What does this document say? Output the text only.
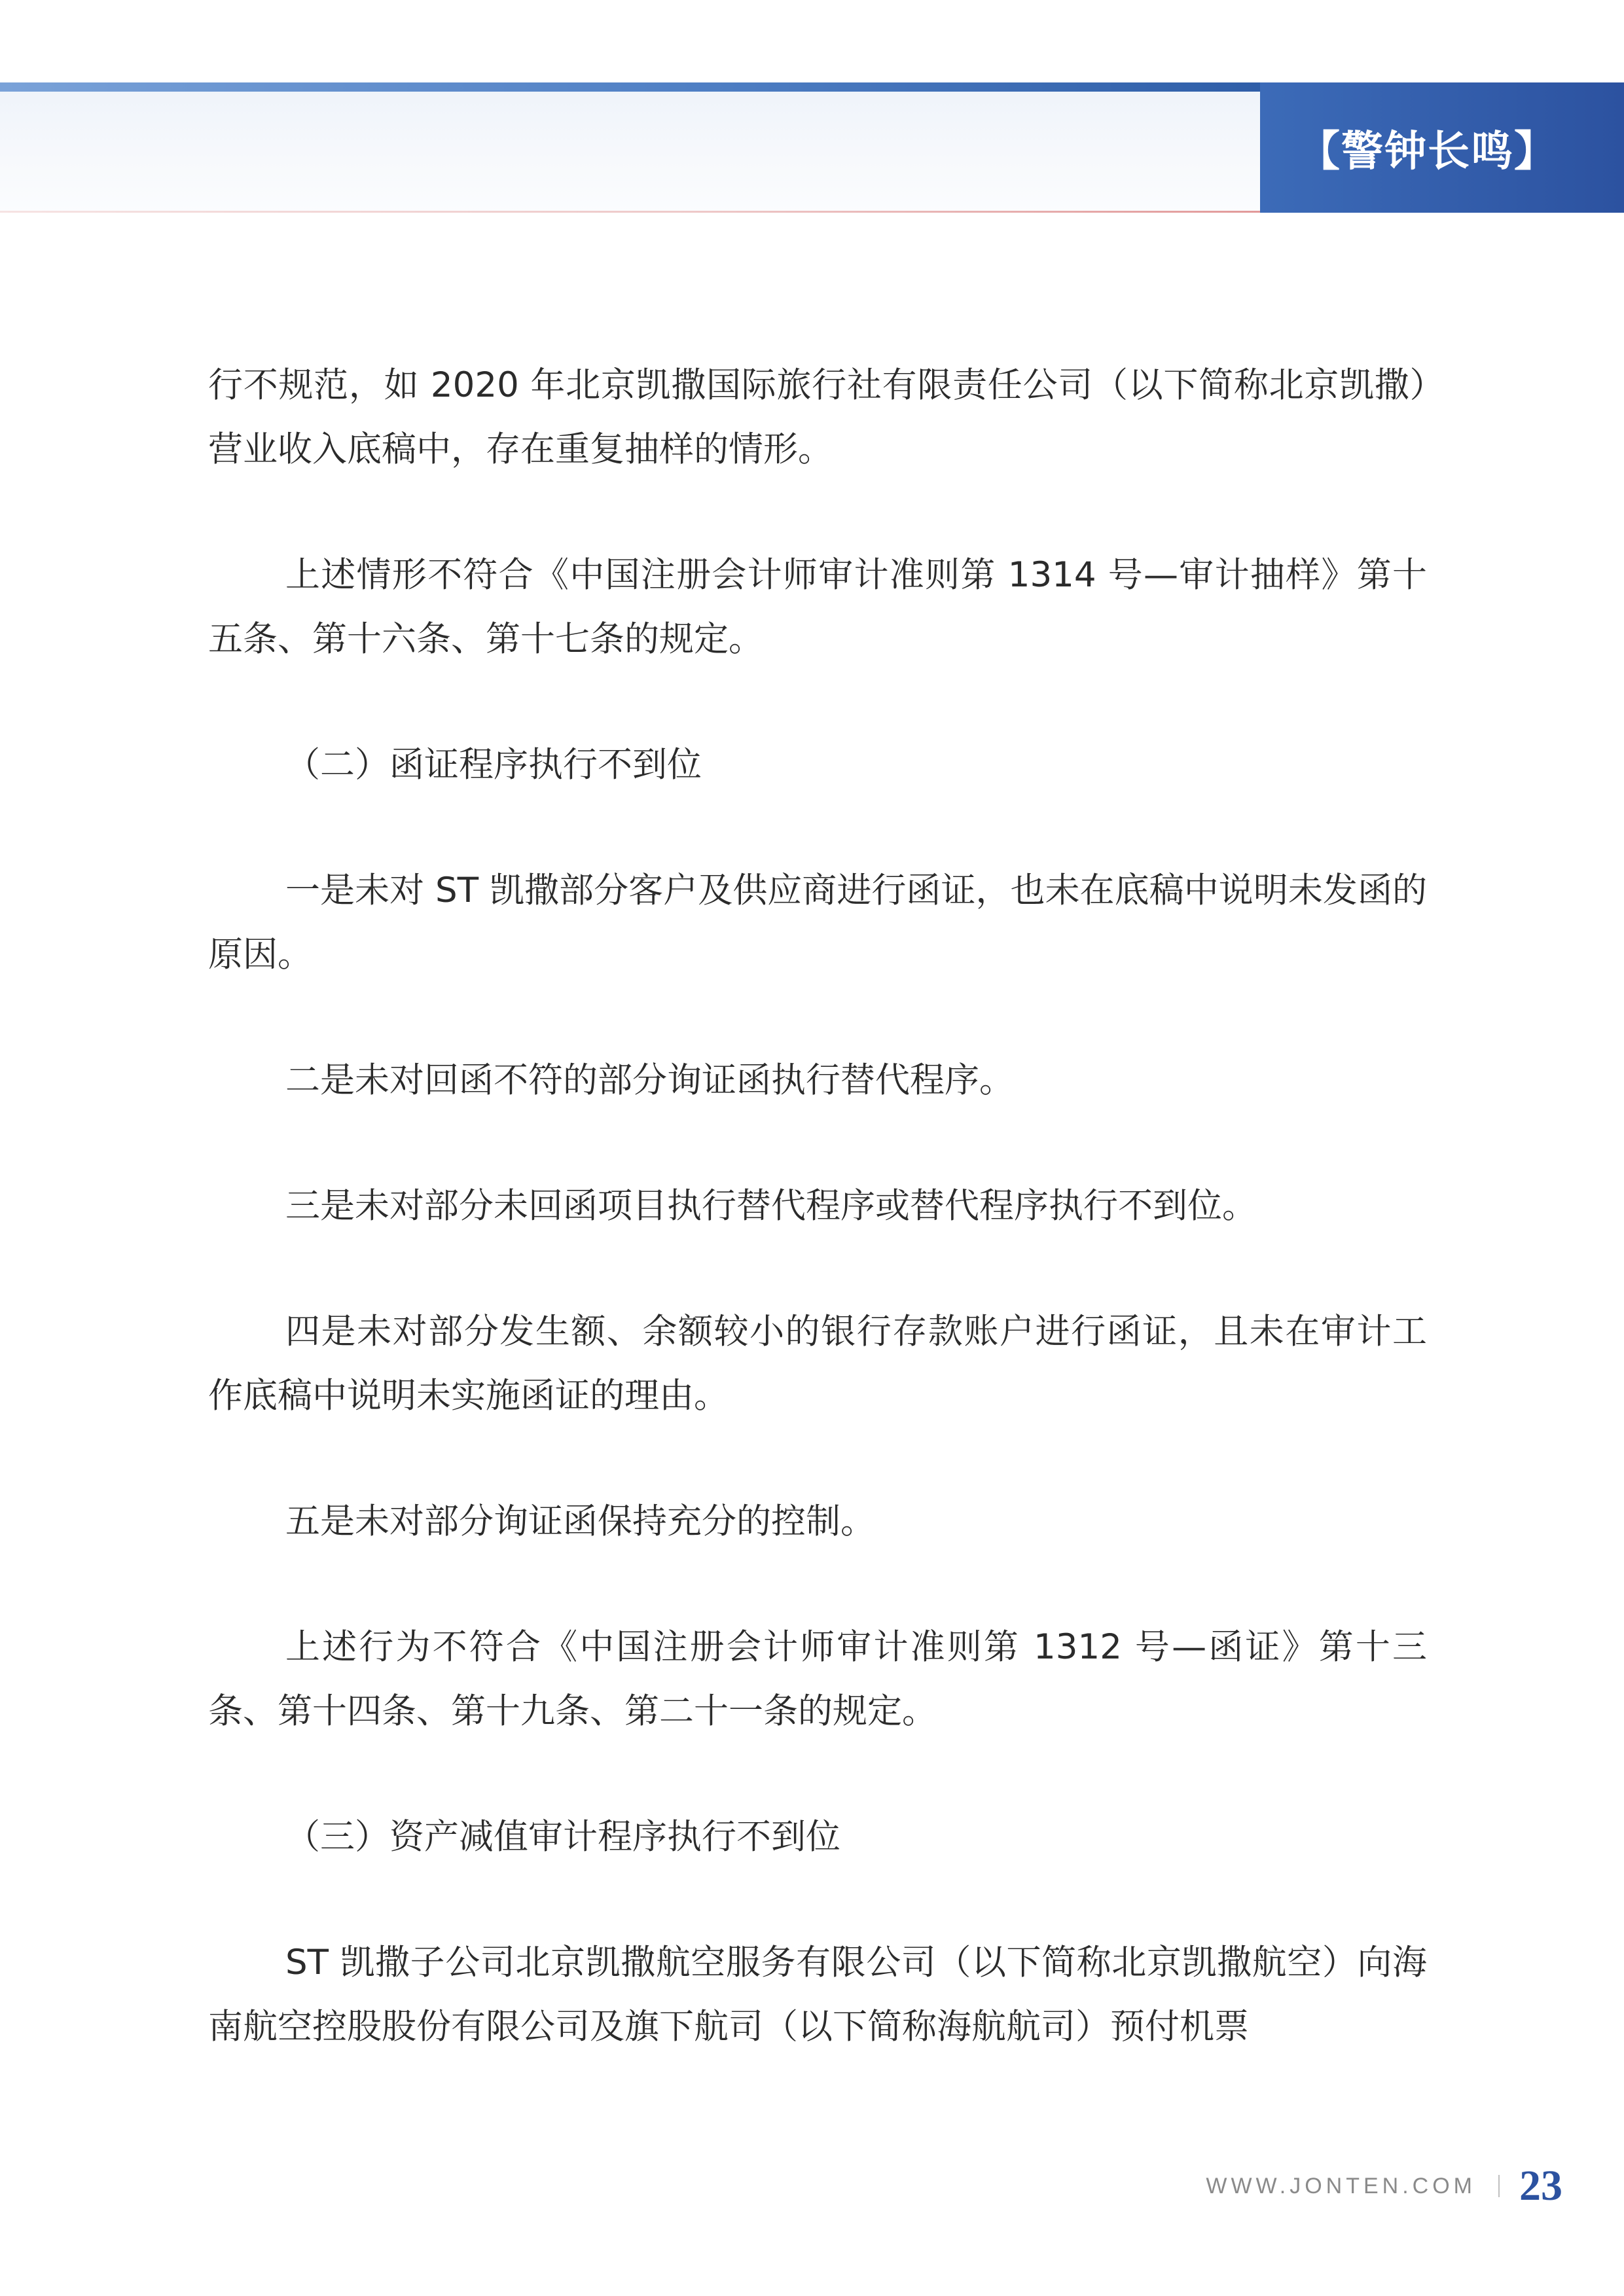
【警钟长鸣】

行不规范，如 2020 年北京凯撒国际旅行社有限责任公司（以下简称北京凯撒）营业收入底稿中，存在重复抽样的情形。

上述情形不符合《中国注册会计师审计准则第 1314 号—审计抽样》第十五条、第十六条、第十七条的规定。

（二）函证程序执行不到位

一是未对 ST 凯撒部分客户及供应商进行函证，也未在底稿中说明未发函的原因。

二是未对回函不符的部分询证函执行替代程序。

三是未对部分未回函项目执行替代程序或替代程序执行不到位。

四是未对部分发生额、余额较小的银行存款账户进行函证，且未在审计工作底稿中说明未实施函证的理由。

五是未对部分询证函保持充分的控制。

上述行为不符合《中国注册会计师审计准则第 1312 号—函证》第十三条、第十四条、第十九条、第二十一条的规定。

（三）资产减值审计程序执行不到位

ST 凯撒子公司北京凯撒航空服务有限公司（以下简称北京凯撒航空）向海南航空控股股份有限公司及旗下航司（以下简称海航航司）预付机票

WWW.JONTEN.COM 23
